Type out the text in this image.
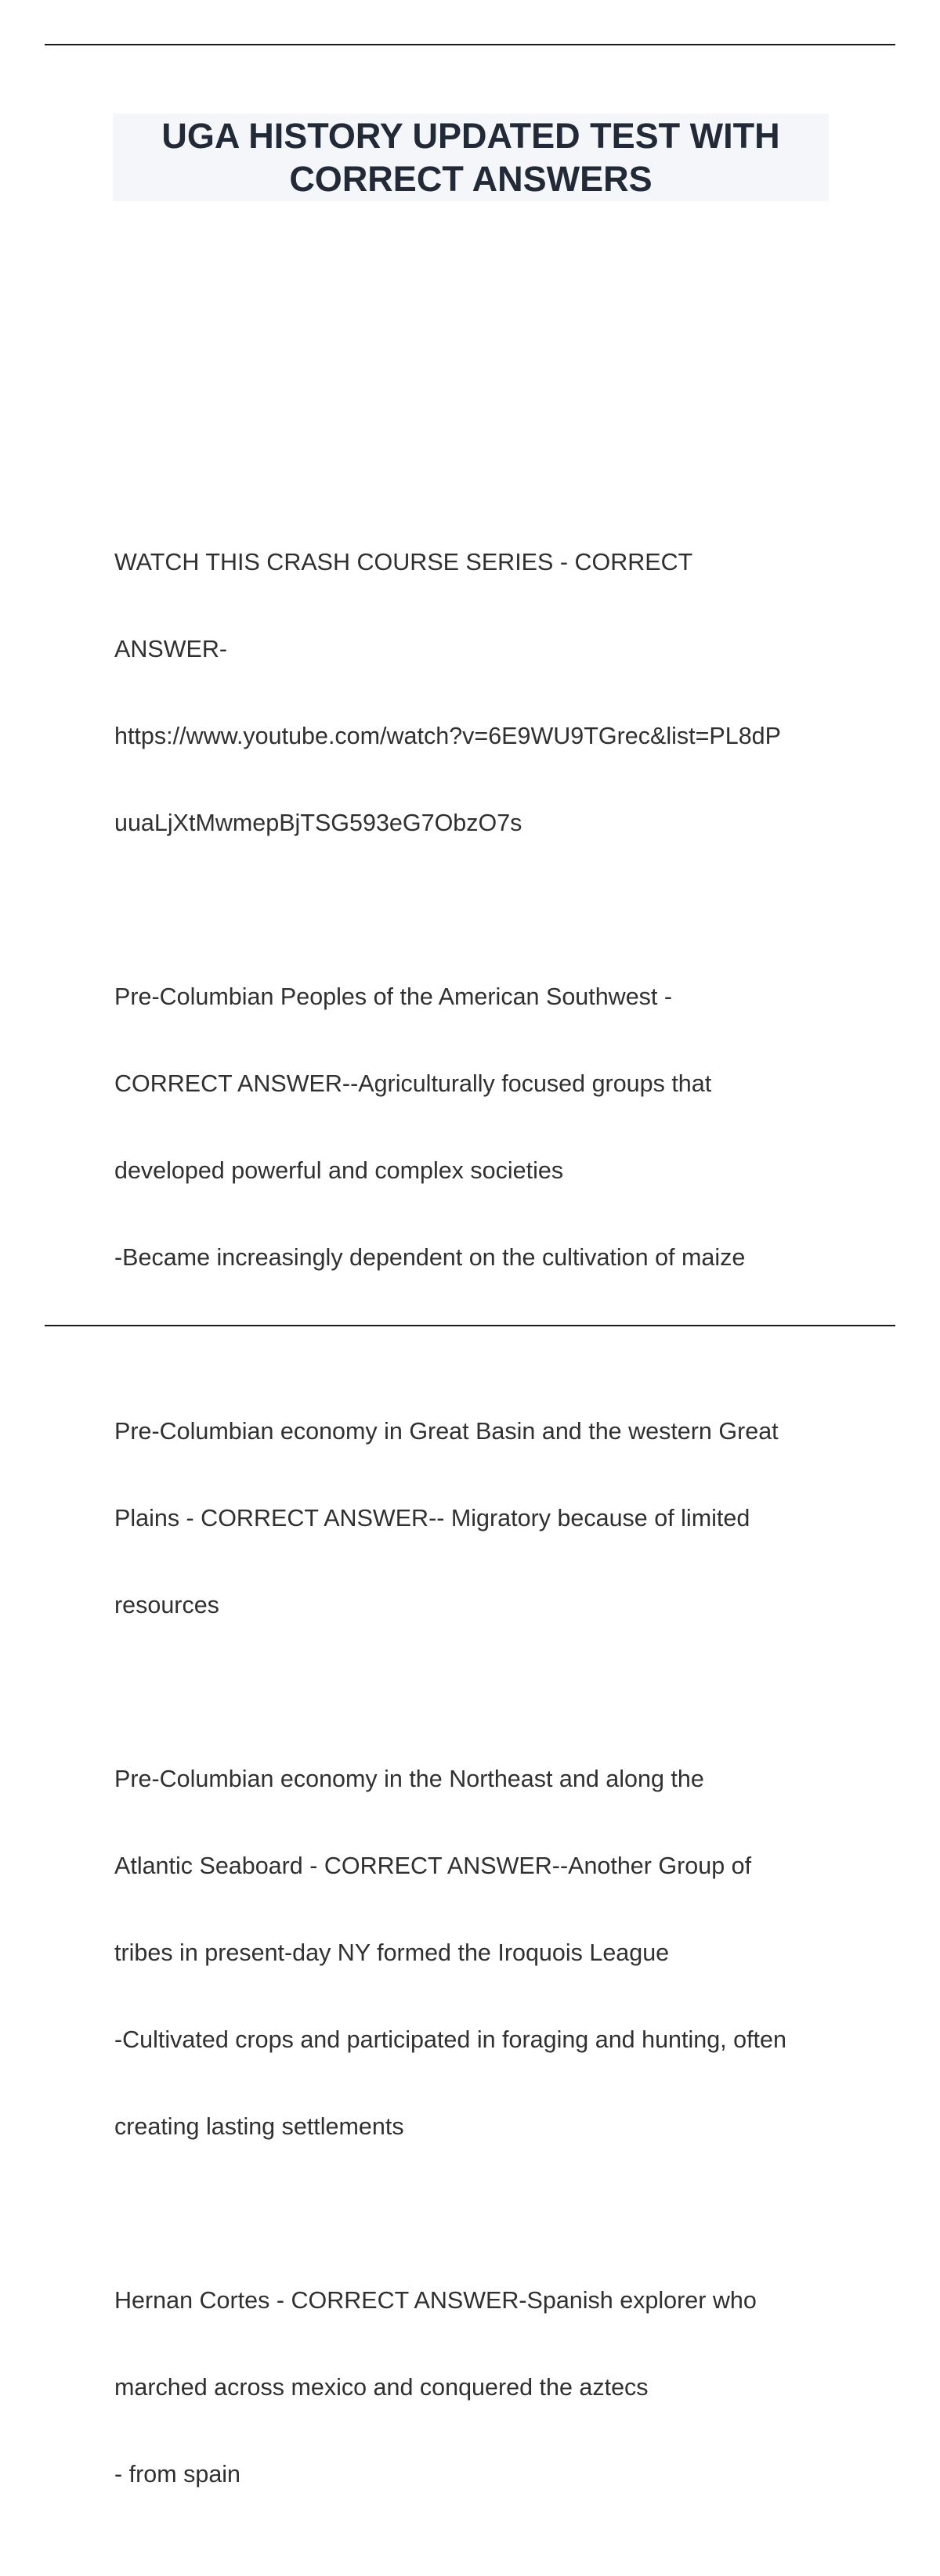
UGA HISTORY UPDATED TEST WITH
CORRECT ANSWERS

WATCH THIS CRASH COURSE SERIES - CORRECT

ANSWER-

https://www.youtube.com/watch?v=6E9WU9TGrec&list=PL8dP

uuaLjXtMwmepBjTSG593eG7ObzO7s

Pre-Columbian Peoples of the American Southwest -

CORRECT ANSWER--Agriculturally focused groups that

developed powerful and complex societies

-Became increasingly dependent on the cultivation of maize

Pre-Columbian economy in Great Basin and the western Great

Plains - CORRECT ANSWER-- Migratory because of limited

resources

Pre-Columbian economy in the Northeast and along the

Atlantic Seaboard - CORRECT ANSWER--Another Group of

tribes in present-day NY formed the Iroquois League

-Cultivated crops and participated in foraging and hunting, often

creating lasting settlements

Hernan Cortes - CORRECT ANSWER-Spanish explorer who

marched across mexico and conquered the aztecs

- from spain
